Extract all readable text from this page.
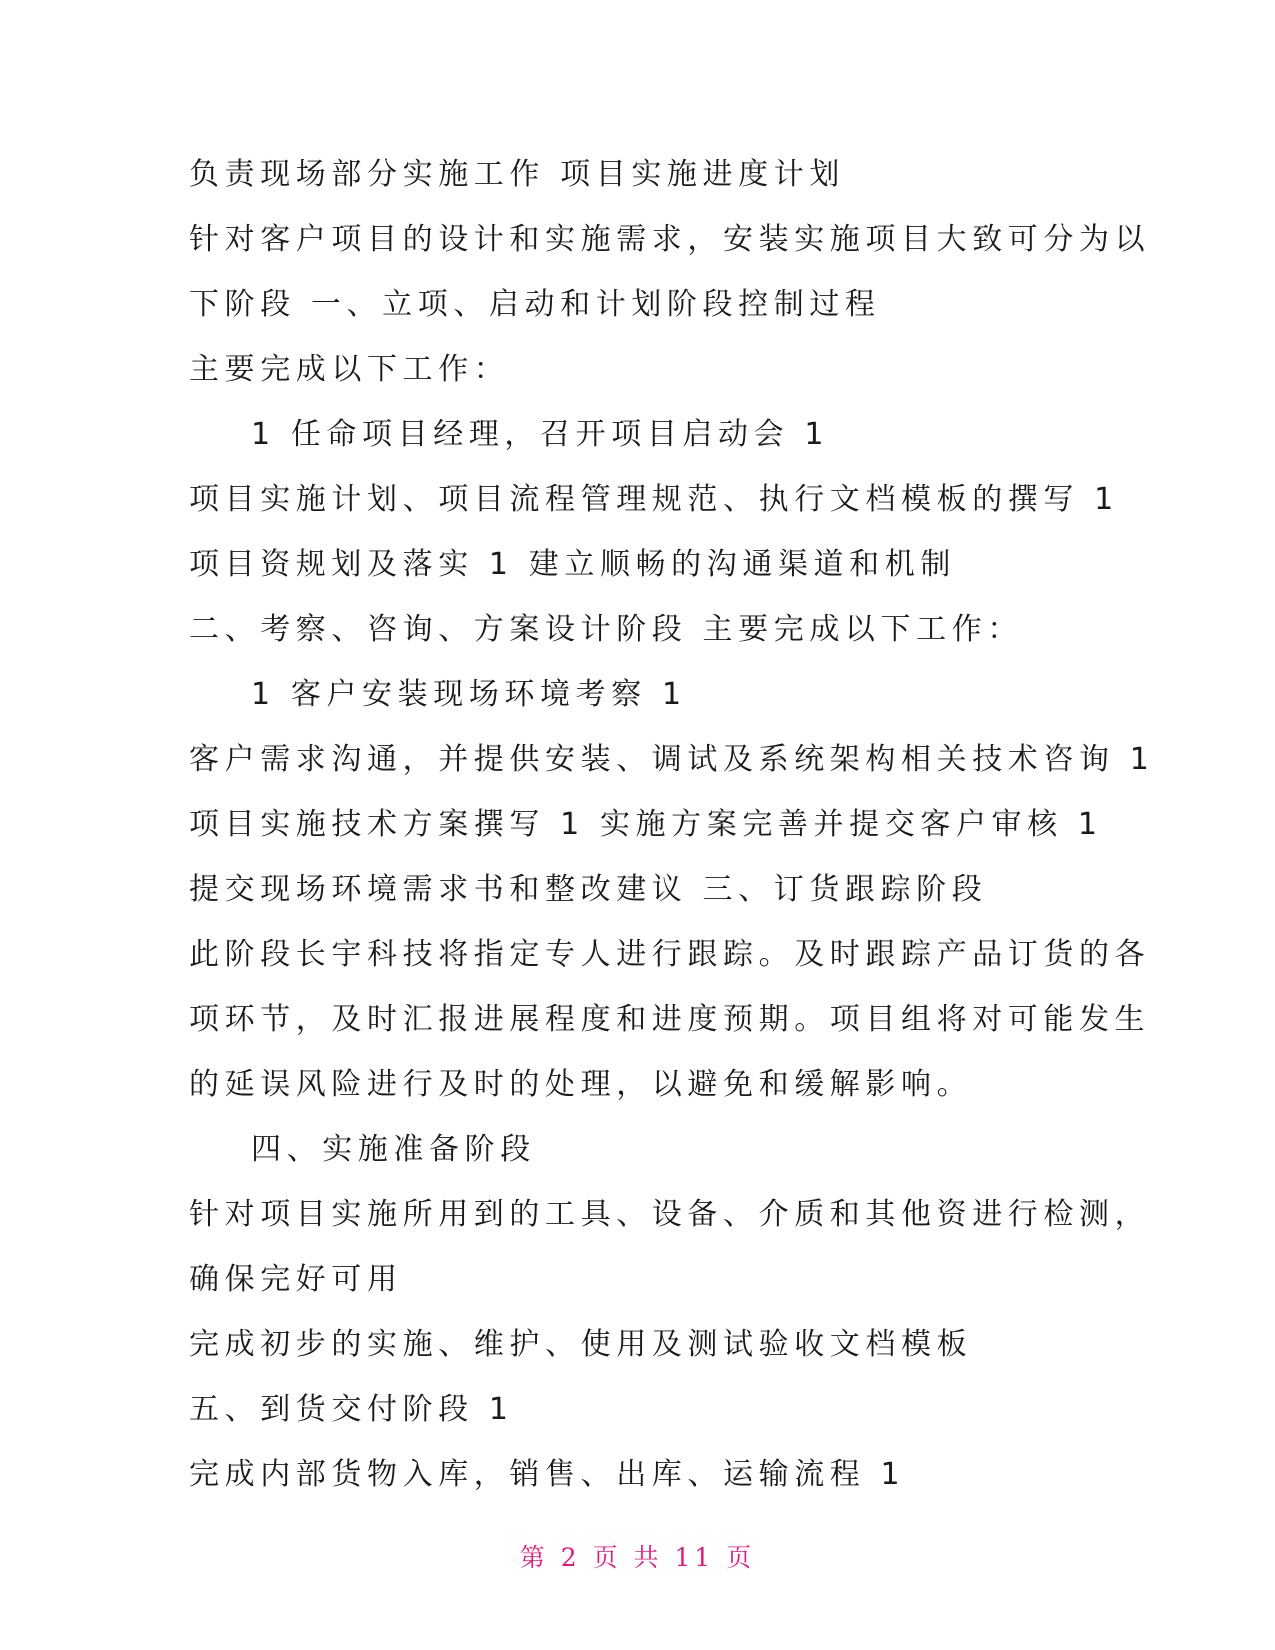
负责现场部分实施工作 项目实施进度计划
针对客户项目的设计和实施需求，安装实施项目大致可分为以
下阶段 一、立项、启动和计划阶段控制过程
主要完成以下工作：
1 任命项目经理，召开项目启动会 1
项目实施计划、项目流程管理规范、执行文档模板的撰写 1
项目资规划及落实 1 建立顺畅的沟通渠道和机制
二、考察、咨询、方案设计阶段 主要完成以下工作：
1 客户安装现场环境考察 1
客户需求沟通，并提供安装、调试及系统架构相关技术咨询 1
项目实施技术方案撰写 1 实施方案完善并提交客户审核 1
提交现场环境需求书和整改建议 三、订货跟踪阶段
此阶段长宇科技将指定专人进行跟踪。及时跟踪产品订货的各
项环节，及时汇报进展程度和进度预期。项目组将对可能发生
的延误风险进行及时的处理，以避免和缓解影响。
四、实施准备阶段
针对项目实施所用到的工具、设备、介质和其他资进行检测，
确保完好可用
完成初步的实施、维护、使用及测试验收文档模板
五、到货交付阶段 1
完成内部货物入库，销售、出库、运输流程 1
第 2 页 共 11 页
